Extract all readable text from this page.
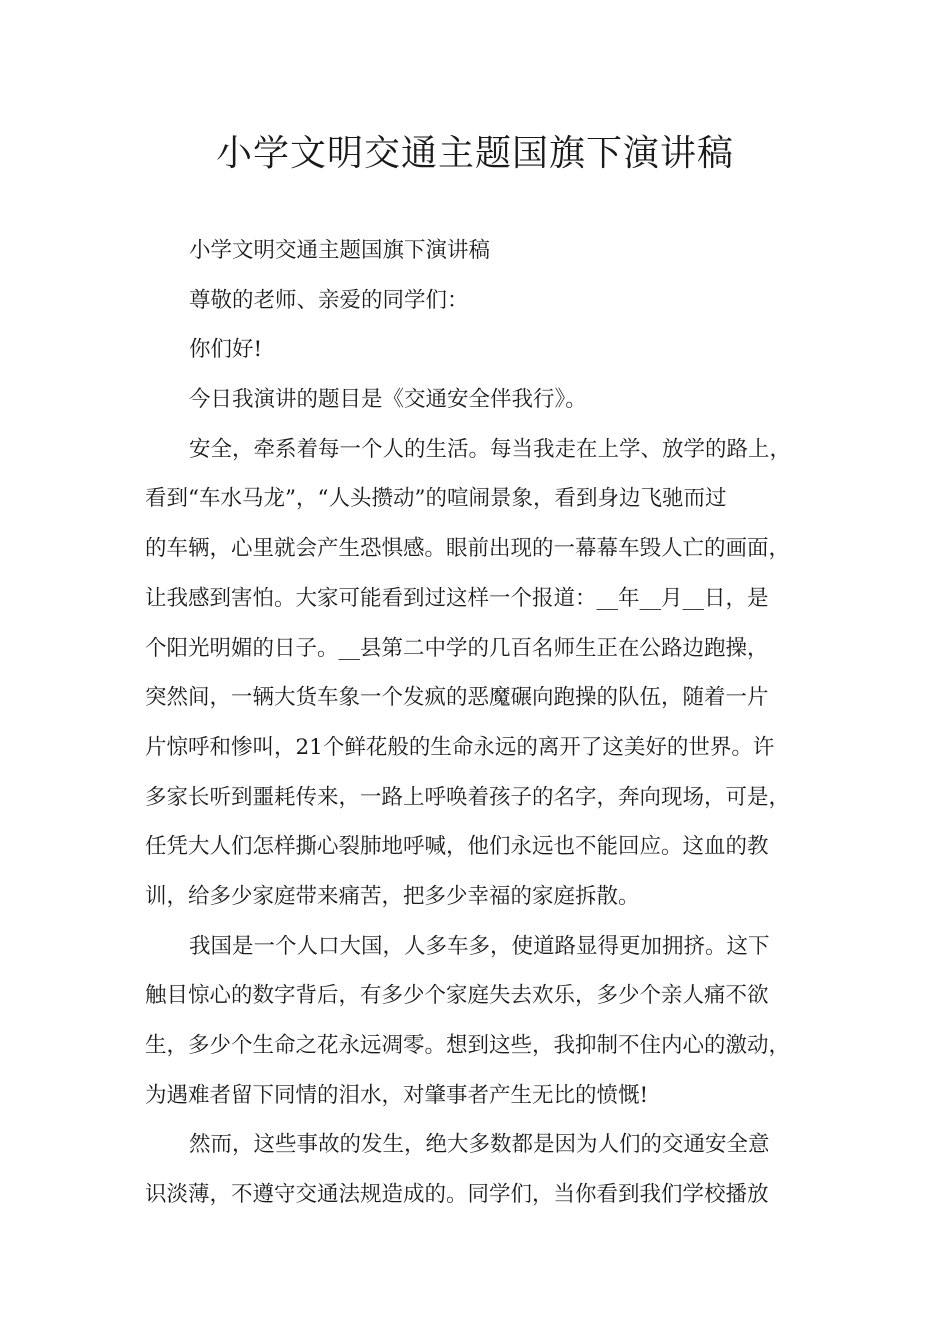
小学文明交通主题国旗下演讲稿
小学文明交通主题国旗下演讲稿
尊敬的老师、亲爱的同学们：
你们好!
今日我演讲的题目是《交通安全伴我行》。
安全，牵系着每一个人的生活。每当我走在上学、放学的路上，
看到“车水马龙”，“人头攒动”的喧闹景象，看到身边飞驰而过
的车辆，心里就会产生恐惧感。眼前出现的一幕幕车毁人亡的画面，
让我感到害怕。大家可能看到过这样一个报道：__年__月__日，是
个阳光明媚的日子。__县第二中学的几百名师生正在公路边跑操，
突然间，一辆大货车象一个发疯的恶魔碾向跑操的队伍，随着一片
片惊呼和惨叫，21个鲜花般的生命永远的离开了这美好的世界。许
多家长听到噩耗传来，一路上呼唤着孩子的名字，奔向现场，可是，
任凭大人们怎样撕心裂肺地呼喊，他们永远也不能回应。这血的教
训，给多少家庭带来痛苦，把多少幸福的家庭拆散。
我国是一个人口大国，人多车多，使道路显得更加拥挤。这下
触目惊心的数字背后，有多少个家庭失去欢乐，多少个亲人痛不欲
生，多少个生命之花永远凋零。想到这些，我抑制不住内心的激动，
为遇难者留下同情的泪水，对肇事者产生无比的愤慨!
然而，这些事故的发生，绝大多数都是因为人们的交通安全意
识淡薄，不遵守交通法规造成的。同学们，当你看到我们学校播放
